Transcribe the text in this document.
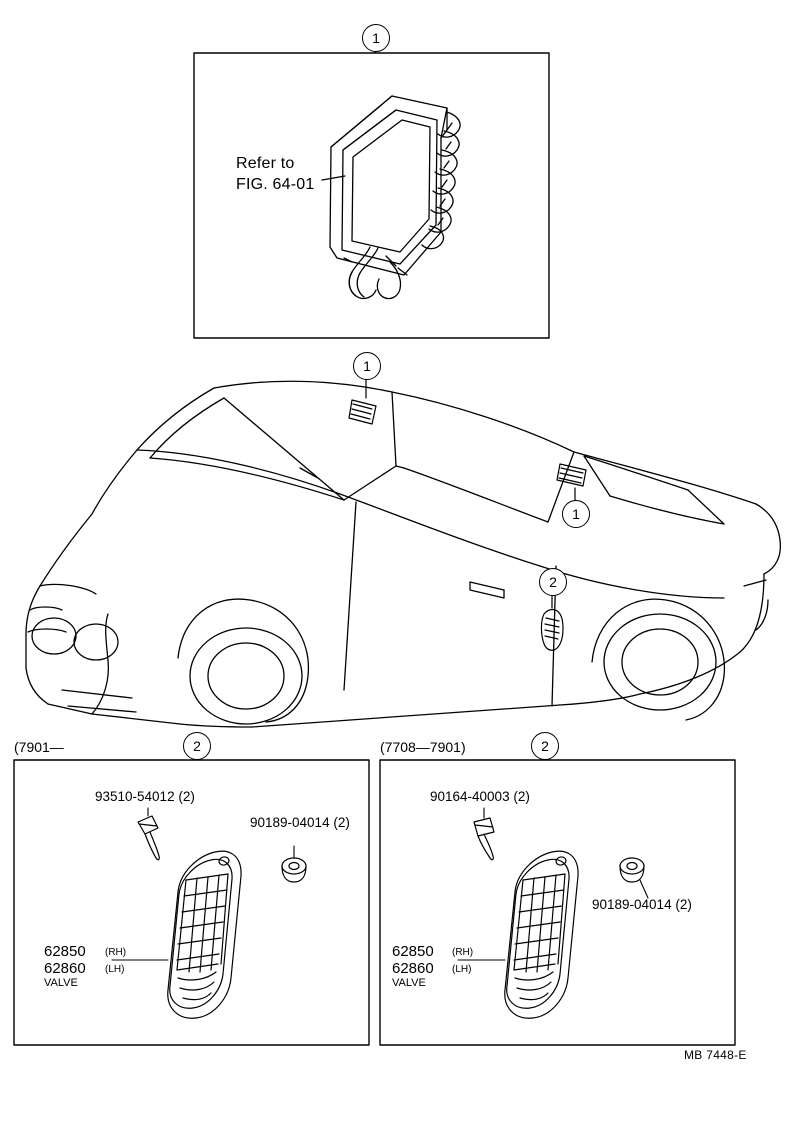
1
Refer to
FIG. 64-01
1
1
2
(7901—	2
93510-54012 (2)
90189-04014 (2)
62850 (RH)
62860 (LH)
VALVE
(7708—7901)	2
90164-40003 (2)
90189-04014 (2)
62850 (RH)
62860 (LH)
VALVE
MB 7448-E
